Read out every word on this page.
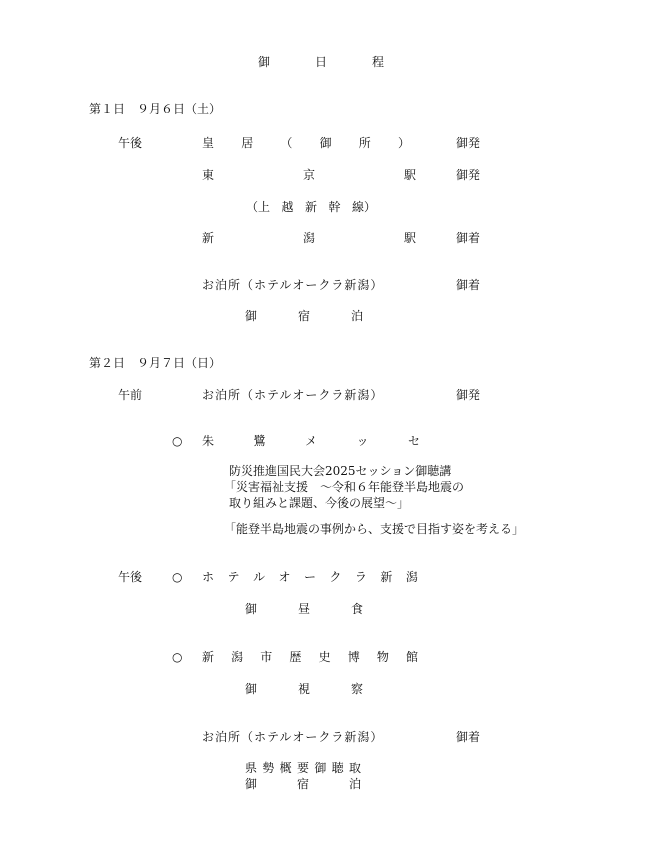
御	日	程
第１日　９月６日（土）
午後	皇 居 （ 御 所 ）	御発
東	京	駅	御発
（上 越 新 幹 線）
新	潟	駅	御着
お泊所（ホテルオークラ新潟）	御着
御	宿	泊
第２日　９月７日（日）
午前	お泊所（ホテルオークラ新潟）	御発
○ 朱	鷺	メ	ッ	セ
防災推進国民大会2025セッション御聴講
「災害福祉支援　～令和６年能登半島地震の
取り組みと課題、今後の展望～」
「能登半島地震の事例から、支援で目指す姿を考える」
午後 ○ ホ テ ル オ ー ク ラ 新 潟
御	昼	食
○ 新 潟 市 歴 史 博 物 館
御	視	察
お泊所（ホテルオークラ新潟）	御着
県 勢 概 要 御 聴 取
御	宿	泊
